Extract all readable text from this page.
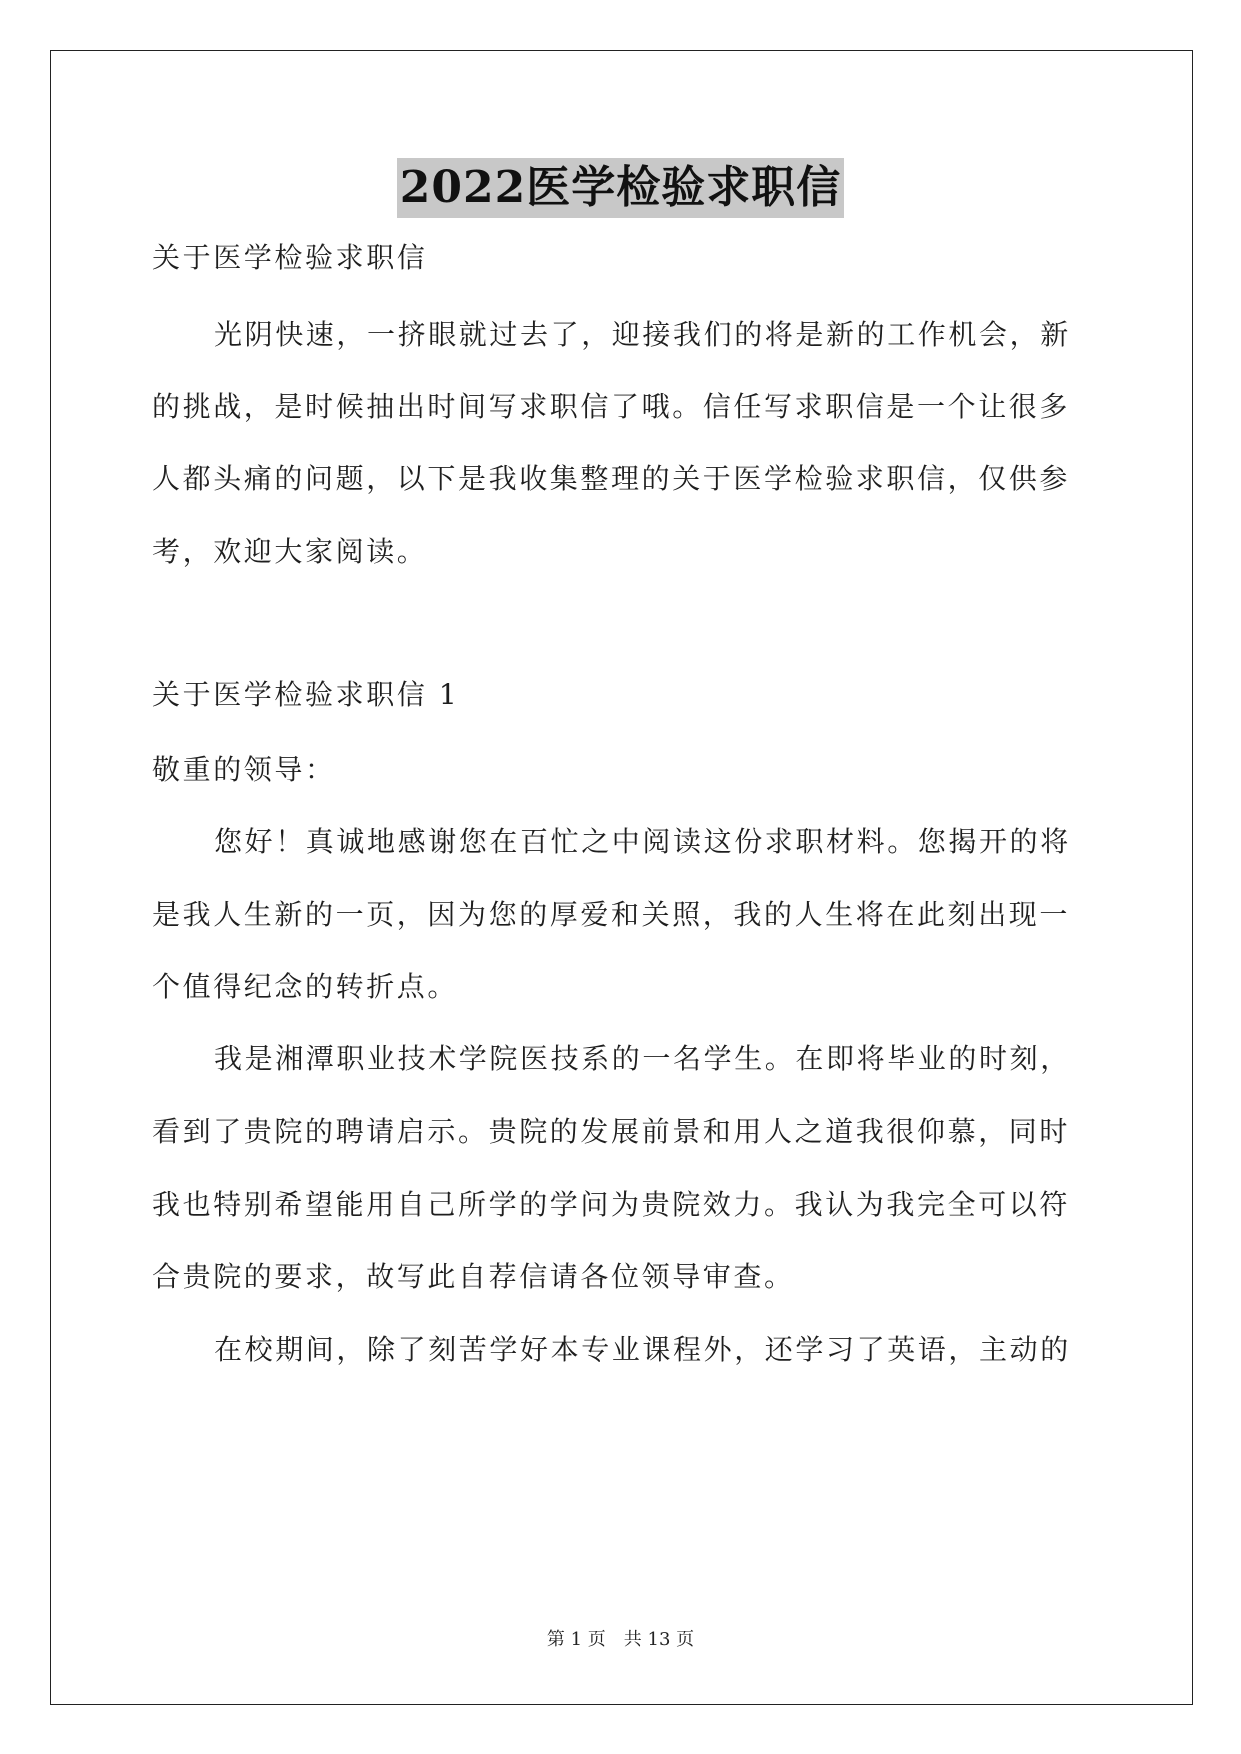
2022医学检验求职信
关于医学检验求职信
光阴快速，一挤眼就过去了，迎接我们的将是新的工作机会，新
的挑战，是时候抽出时间写求职信了哦。信任写求职信是一个让很多
人都头痛的问题，以下是我收集整理的关于医学检验求职信，仅供参
考，欢迎大家阅读。
关于医学检验求职信 1
敬重的领导：
您好！真诚地感谢您在百忙之中阅读这份求职材料。您揭开的将
是我人生新的一页，因为您的厚爱和关照，我的人生将在此刻出现一
个值得纪念的转折点。
我是湘潭职业技术学院医技系的一名学生。在即将毕业的时刻，
看到了贵院的聘请启示。贵院的发展前景和用人之道我很仰慕，同时
我也特别希望能用自己所学的学问为贵院效力。我认为我完全可以符
合贵院的要求，故写此自荐信请各位领导审查。
在校期间，除了刻苦学好本专业课程外，还学习了英语，主动的
第 1 页　共 13 页
